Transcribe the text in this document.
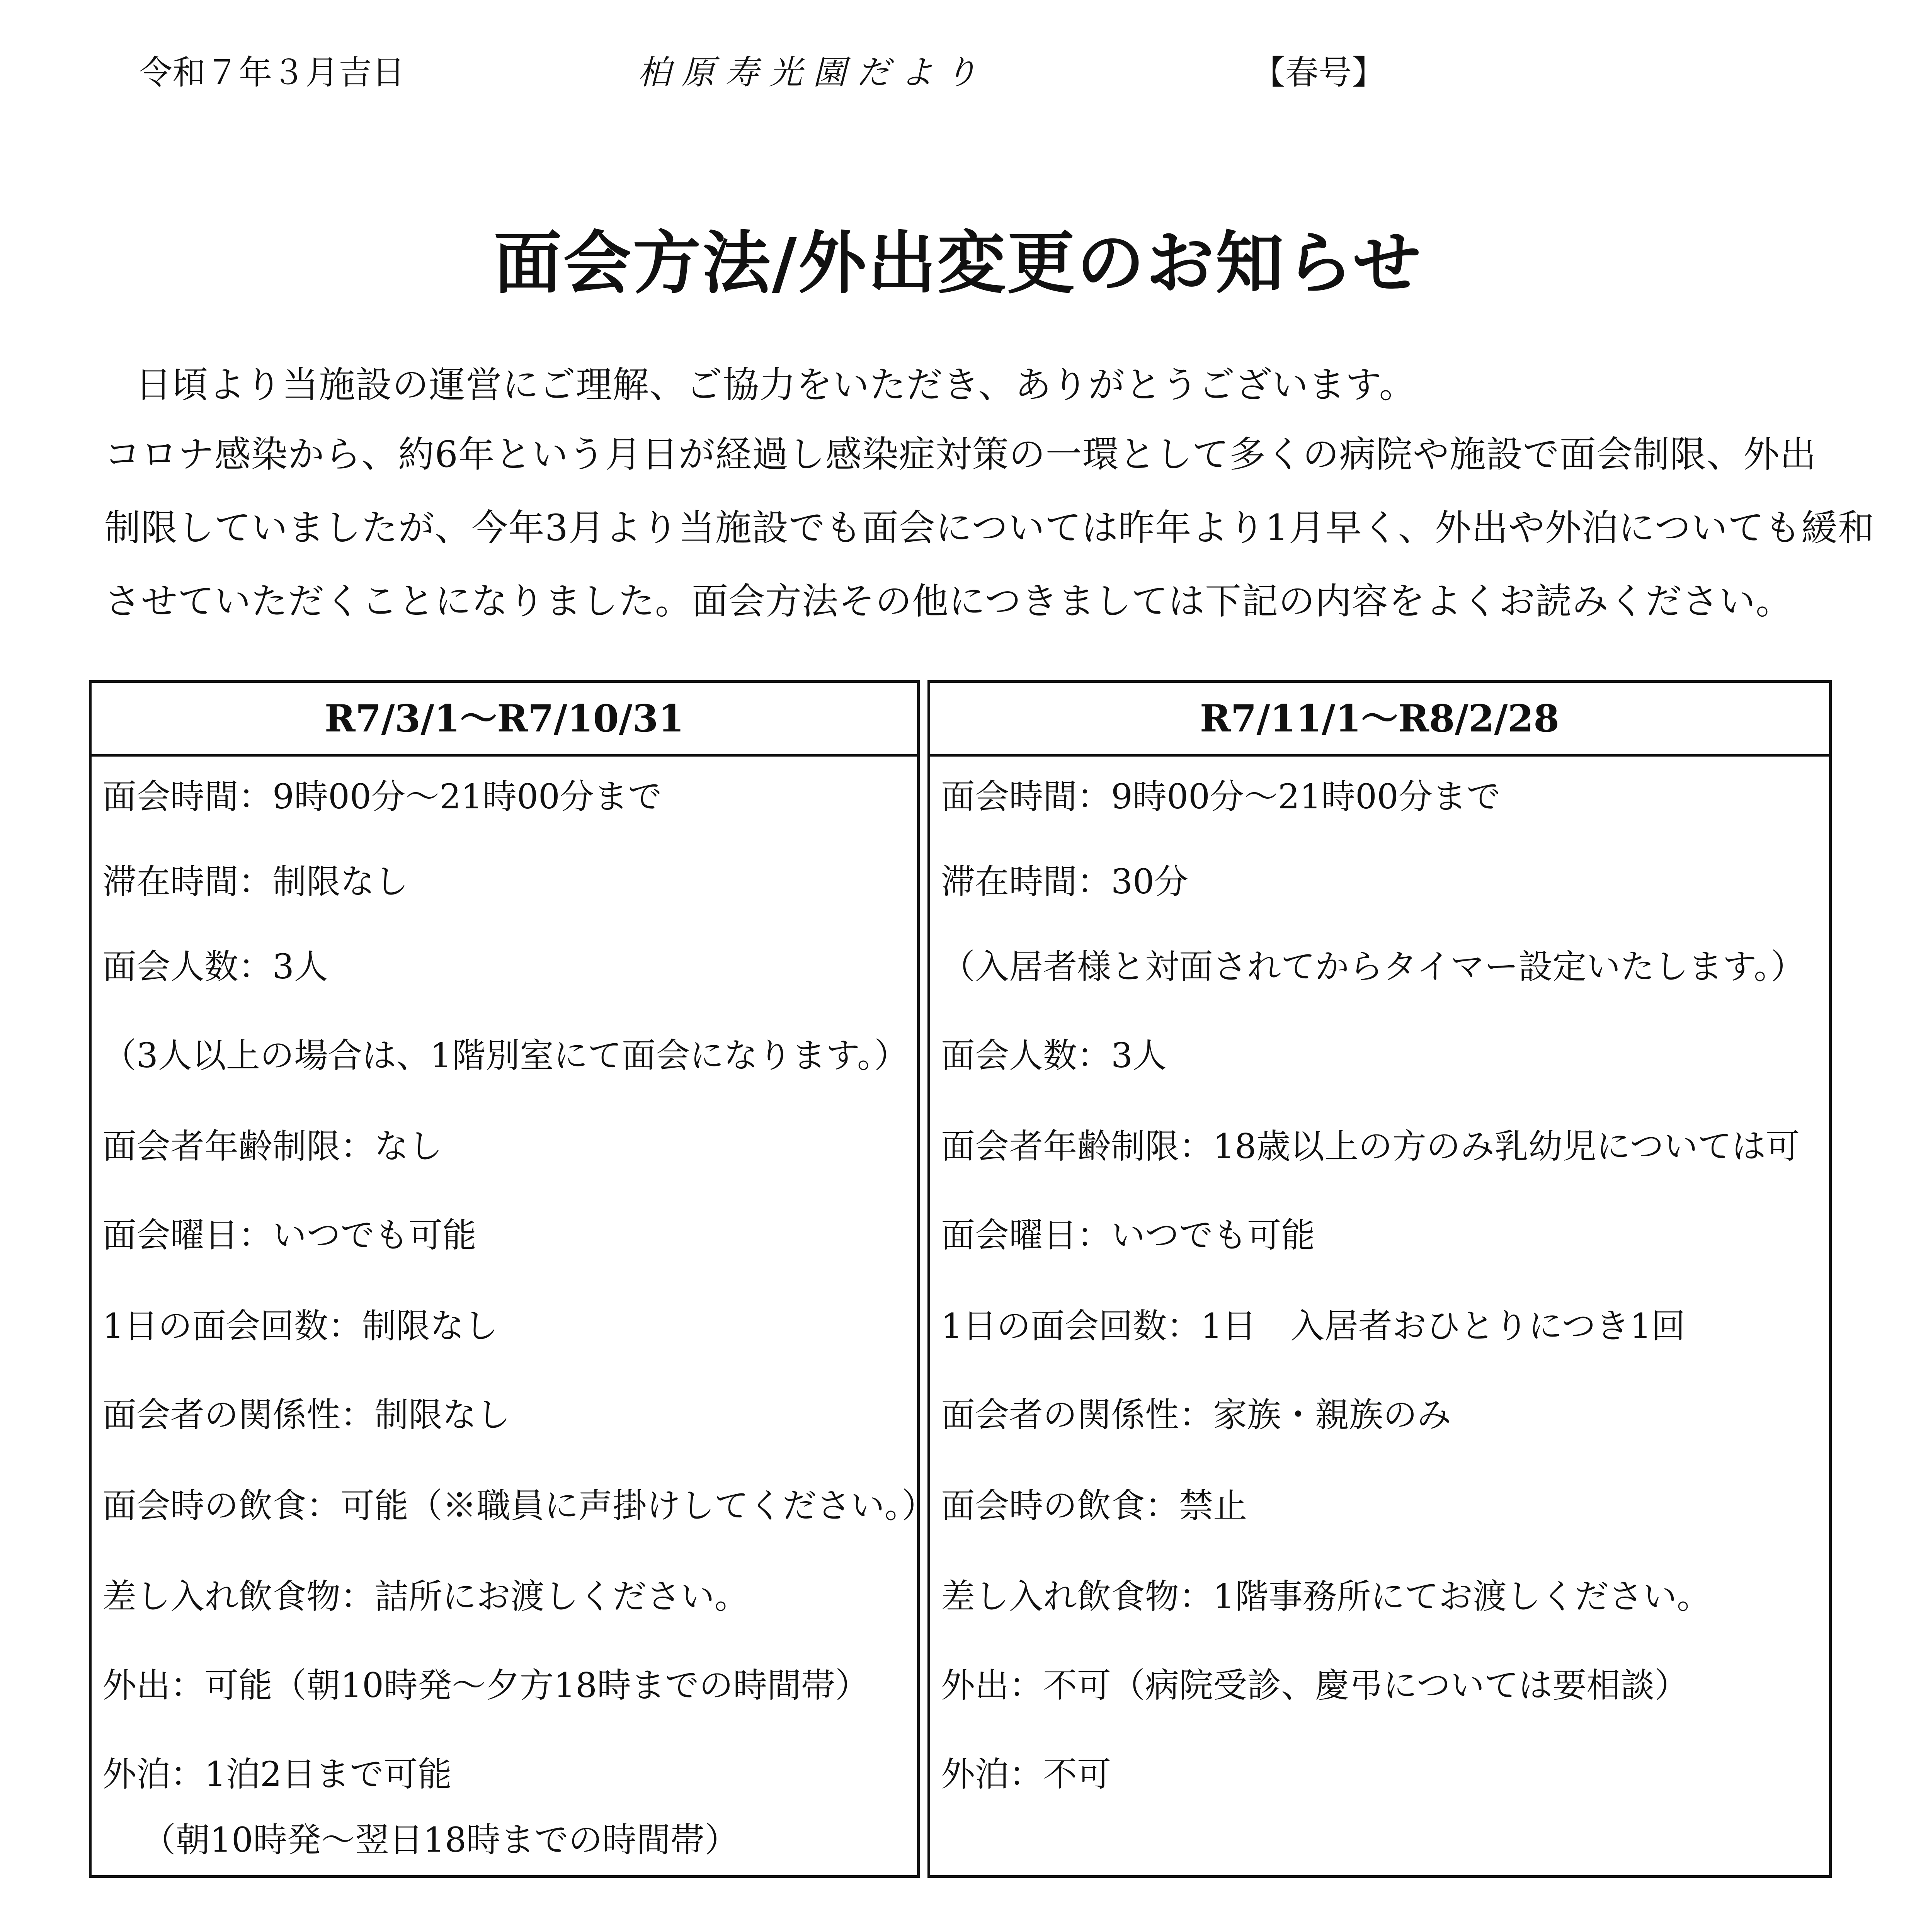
令和７年３月吉日	柏 原 寿 光 園 だ よ り	【春号】
面会方法/外出変更のお知らせ
日頃より当施設の運営にご理解、ご協力をいただき、ありがとうございます。
コロナ感染から、約6年という月日が経過し感染症対策の一環として多くの病院や施設で面会制限、外出
制限していましたが、今年3月より当施設でも面会については昨年より1月早く、外出や外泊についても緩和
させていただくことになりました。面会方法その他につきましては下記の内容をよくお読みください。
R7/3/1～R7/10/31
面会時間：9時00分～21時00分まで
滞在時間：制限なし
面会人数：3人
（3人以上の場合は、1階別室にて面会になります。）
面会者年齢制限：なし
面会曜日：いつでも可能
1日の面会回数：制限なし
面会者の関係性：制限なし
面会時の飲食：可能（※職員に声掛けしてください。）
差し入れ飲食物：詰所にお渡しください。
外出：可能（朝10時発～夕方18時までの時間帯）
外泊：1泊2日まで可能
（朝10時発～翌日18時までの時間帯）
R7/11/1～R8/2/28
面会時間：9時00分～21時00分まで
滞在時間：30分
（入居者様と対面されてからタイマー設定いたします。）
面会人数：3人
面会者年齢制限：18歳以上の方のみ乳幼児については可
面会曜日：いつでも可能
1日の面会回数：1日　入居者おひとりにつき1回
面会者の関係性：家族・親族のみ
面会時の飲食：禁止
差し入れ飲食物：1階事務所にてお渡しください。
外出：不可（病院受診、慶弔については要相談）
外泊：不可
